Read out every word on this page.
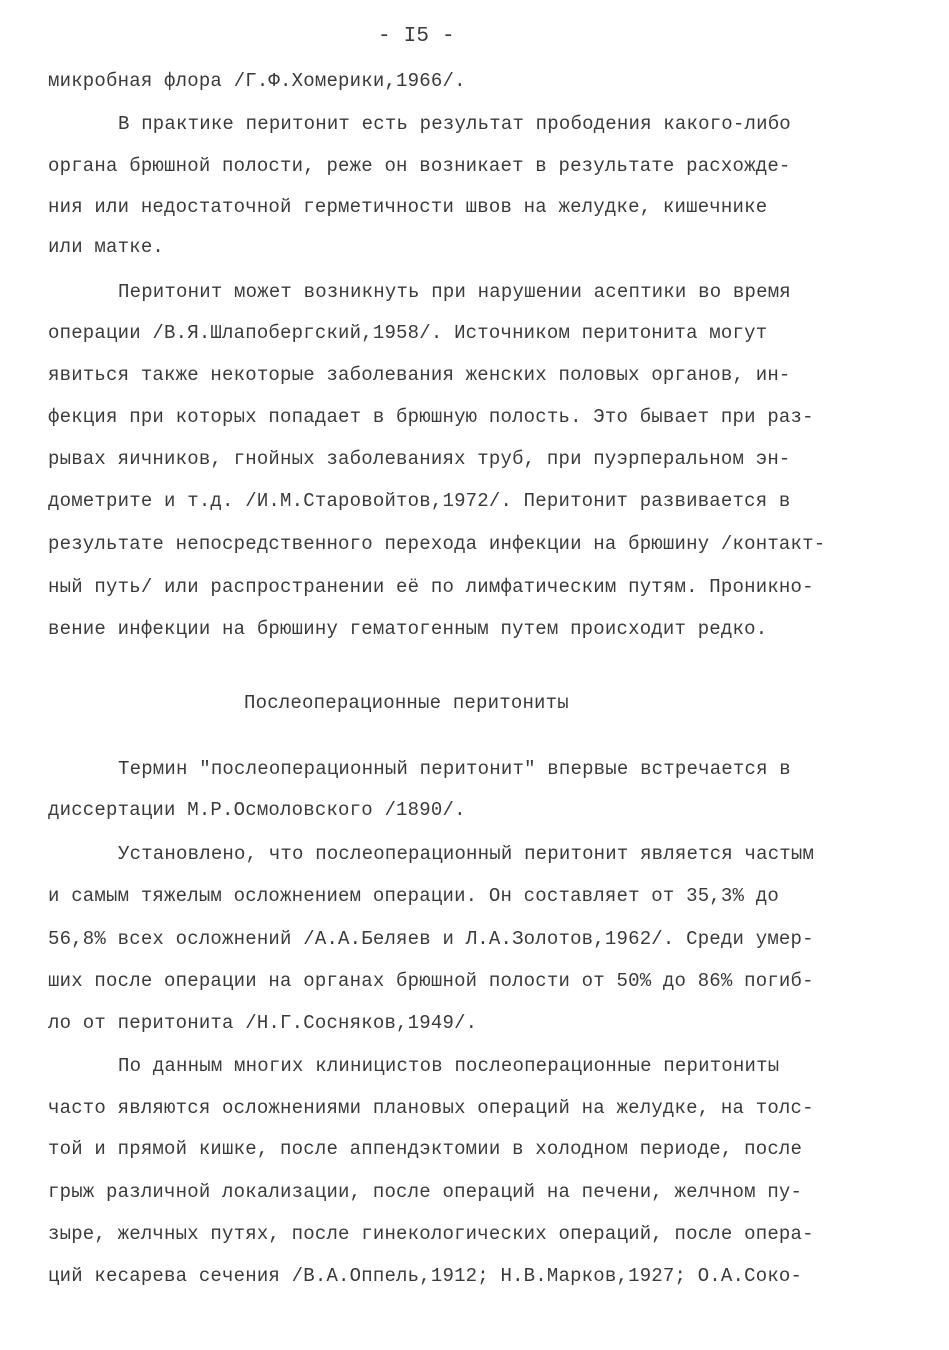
- I5 -
микробная флора /Г.Ф.Хомерики,1966/.
В практике перитонит есть результат прободения какого-либо
органа брюшной полости, реже он возникает в результате расхожде-
ния или недостаточной герметичности швов на желудке, кишечнике
или матке.
Перитонит может возникнуть при нарушении асептики во время
операции /В.Я.Шлапобергский,1958/. Источником перитонита могут
явиться также некоторые заболевания женских половых органов, ин-
фекция при которых попадает в брюшную полость. Это бывает при раз-
рывах яичников, гнойных заболеваниях труб, при пуэрперальном эн-
дометрите и т.д. /И.М.Старовойтов,1972/. Перитонит развивается в
результате непосредственного перехода инфекции на брюшину /контакт-
ный путь/ или распространении её по лимфатическим путям. Проникно-
вение инфекции на брюшину гематогенным путем происходит редко.
Послеоперационные перитониты
Термин "послеоперационный перитонит" впервые встречается в
диссертации М.Р.Осмоловского /1890/.
Установлено, что послеоперационный перитонит является частым
и самым тяжелым осложнением операции. Он составляет от 35,3% до
56,8% всех осложнений /А.А.Беляев и Л.А.Золотов,1962/. Среди умер-
ших после операции на органах брюшной полости от 50% до 86% погиб-
ло от перитонита /Н.Г.Сосняков,1949/.
По данным многих клиницистов послеоперационные перитониты
часто являются осложнениями плановых операций на желудке, на толс-
той и прямой кишке, после аппендэктомии в холодном периоде, после
грыж различной локализации, после операций на печени, желчном пу-
зыре, желчных путях, после гинекологических операций, после опера-
ций кесарева сечения /В.А.Оппель,1912; Н.В.Марков,1927; О.А.Соко-
